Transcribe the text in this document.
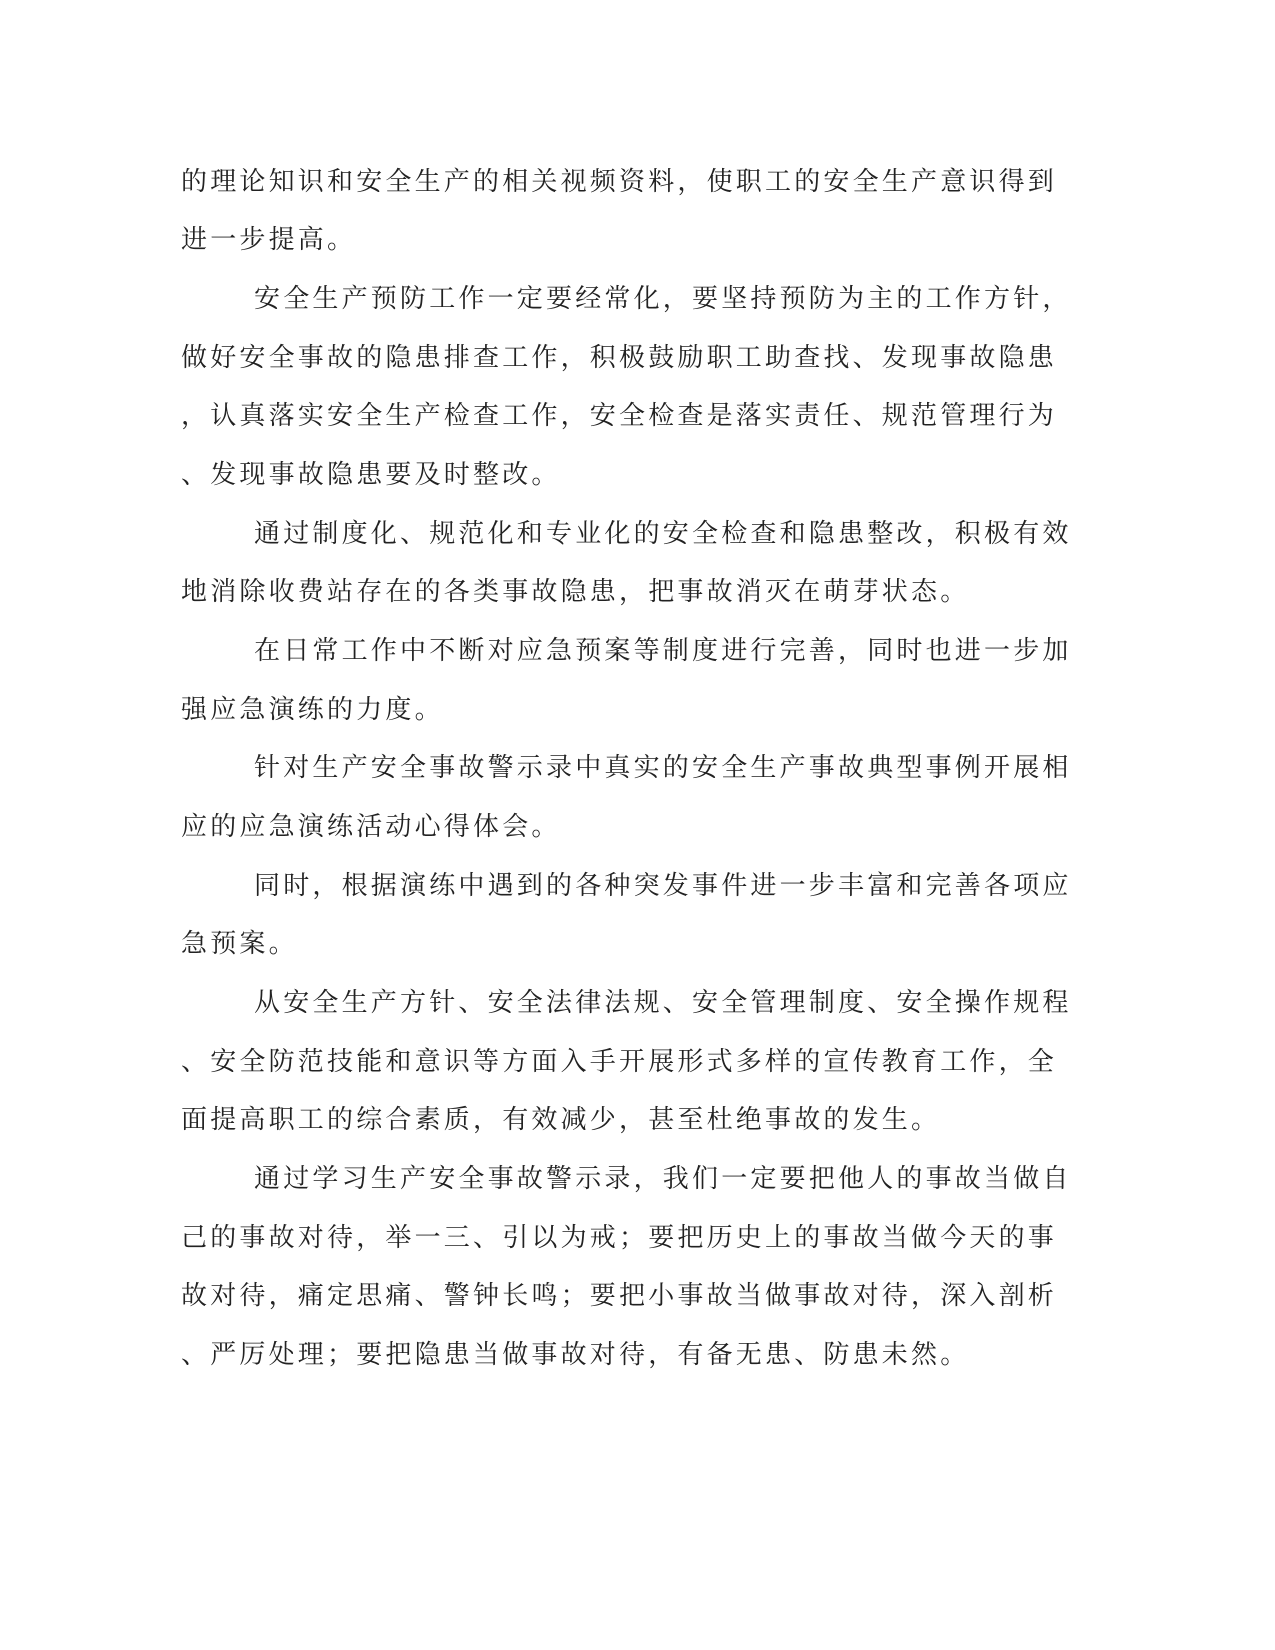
的理论知识和安全生产的相关视频资料，使职工的安全生产意识得到
进一步提高。
安全生产预防工作一定要经常化，要坚持预防为主的工作方针，
做好安全事故的隐患排查工作，积极鼓励职工助查找、发现事故隐患
，认真落实安全生产检查工作，安全检查是落实责任、规范管理行为
、发现事故隐患要及时整改。
通过制度化、规范化和专业化的安全检查和隐患整改，积极有效
地消除收费站存在的各类事故隐患，把事故消灭在萌芽状态。
在日常工作中不断对应急预案等制度进行完善，同时也进一步加
强应急演练的力度。
针对生产安全事故警示录中真实的安全生产事故典型事例开展相
应的应急演练活动心得体会。
同时，根据演练中遇到的各种突发事件进一步丰富和完善各项应
急预案。
从安全生产方针、安全法律法规、安全管理制度、安全操作规程
、安全防范技能和意识等方面入手开展形式多样的宣传教育工作，全
面提高职工的综合素质，有效减少，甚至杜绝事故的发生。
通过学习生产安全事故警示录，我们一定要把他人的事故当做自
己的事故对待，举一三、引以为戒；要把历史上的事故当做今天的事
故对待，痛定思痛、警钟长鸣；要把小事故当做事故对待，深入剖析
、严厉处理；要把隐患当做事故对待，有备无患、防患未然。
